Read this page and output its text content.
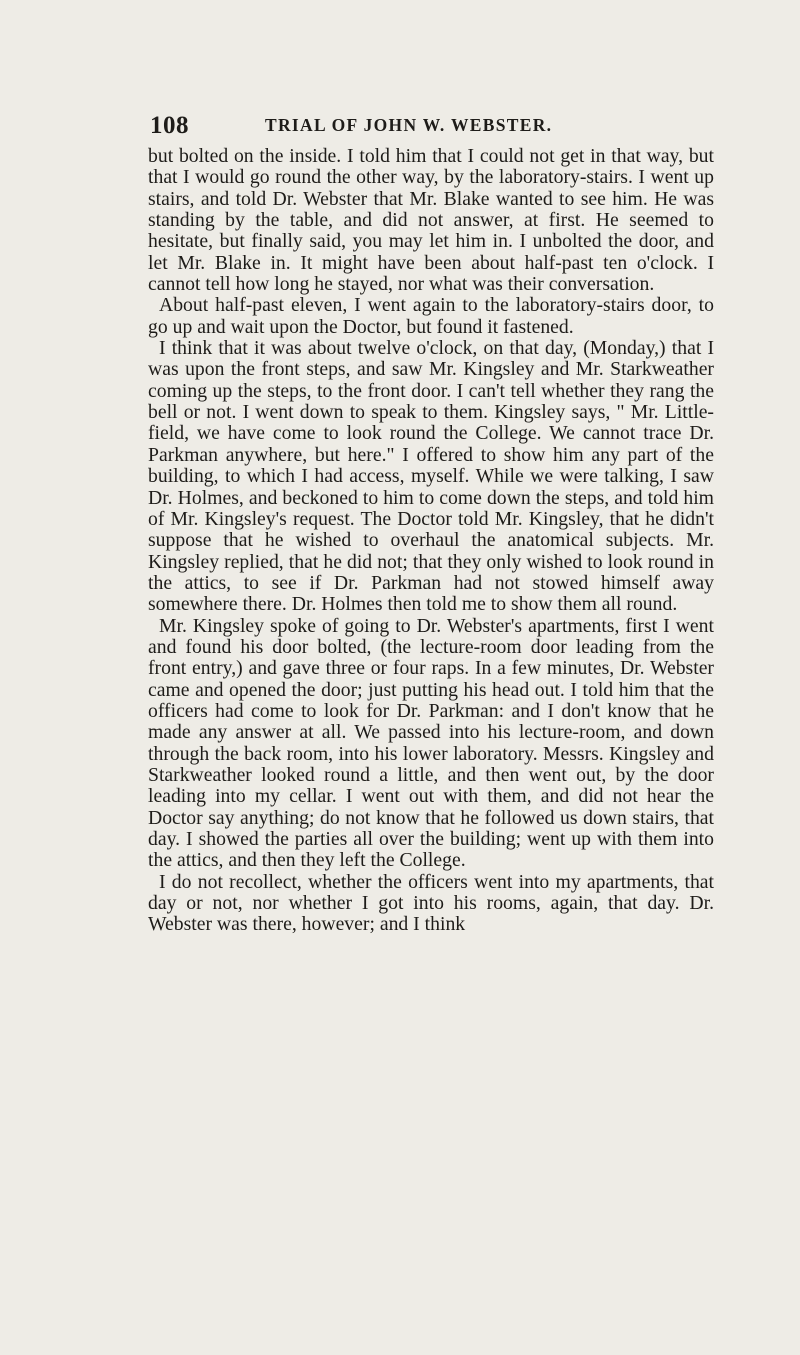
108	TRIAL OF JOHN W. WEBSTER.

but bolted on the inside. I told him that I could not get in that way, but that I would go round the other way, by the laboratory-stairs. I went up stairs, and told Dr. Webster that Mr. Blake wanted to see him. He was standing by the table, and did not answer, at first. He seemed to hesitate, but finally said, you may let him in. I unbolted the door, and let Mr. Blake in. It might have been about half-past ten o'clock. I cannot tell how long he stayed, nor what was their conversation.

About half-past eleven, I went again to the laboratory-stairs door, to go up and wait upon the Doctor, but found it fastened.

I think that it was about twelve o'clock, on that day, (Monday,) that I was upon the front steps, and saw Mr. Kingsley and Mr. Starkweather coming up the steps, to the front door. I can't tell whether they rang the bell or not. I went down to speak to them. Kingsley says, " Mr. Little-field, we have come to look round the College. We cannot trace Dr. Parkman anywhere, but here." I offered to show him any part of the building, to which I had access, myself. While we were talking, I saw Dr. Holmes, and beckoned to him to come down the steps, and told him of Mr. Kingsley's request. The Doctor told Mr. Kingsley, that he didn't suppose that he wished to overhaul the anatomical subjects. Mr. Kingsley replied, that he did not; that they only wished to look round in the attics, to see if Dr. Parkman had not stowed himself away somewhere there. Dr. Holmes then told me to show them all round.

Mr. Kingsley spoke of going to Dr. Webster's apartments, first I went and found his door bolted, (the lecture-room door leading from the front entry,) and gave three or four raps. In a few minutes, Dr. Webster came and opened the door; just putting his head out. I told him that the officers had come to look for Dr. Parkman: and I don't know that he made any answer at all. We passed into his lecture-room, and down through the back room, into his lower laboratory. Messrs. Kingsley and Starkweather looked round a little, and then went out, by the door leading into my cellar. I went out with them, and did not hear the Doctor say anything; do not know that he followed us down stairs, that day. I showed the parties all over the building; went up with them into the attics, and then they left the College.

I do not recollect, whether the officers went into my apartments, that day or not, nor whether I got into his rooms, again, that day. Dr. Webster was there, however; and I think
